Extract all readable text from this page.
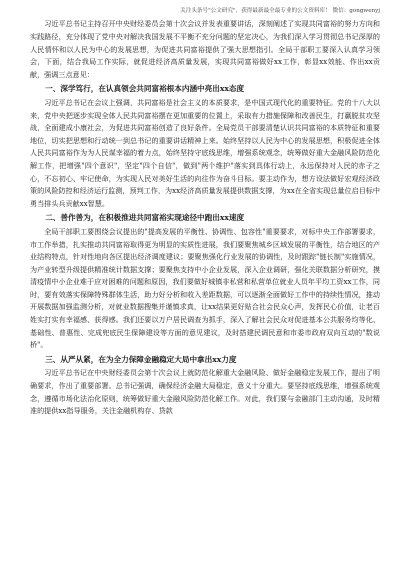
关注头条号"公文研究"，获得最新最全最专业的公文资料库！ 微信：gongwenyj

习近平总书记主持召开中央财经委员会第十次会议并发表重要讲话，深刻阐述了实现共同富裕的努力方向和实践路径，充分体现了党中央对解决我国发展不平衡不充分问题的坚定决心，为我们深入学习贯彻总书记深厚的人民情怀和以人民为中心的发展思想，为促进共同富裕提供了强大思想指引。全局干部职工要深入认真学习领会，下面，结合我局工作实际，就促进经济高质量发展，实现共同富裕做好xx工作，彰显xx效能、作出xx贡献，强调三点意见：

一、深学笃行，在认真领会共同富裕根本内涵中亮出xx态度

习近平总书记在会议上强调，共同富裕是社会主义的本质要求，是中国式现代化的重要特征。党的十八大以来，党中央把逐步实现全体人民共同富裕摆在更加重要的位置上，采取有力措施保障和改善民生，打赢脱贫攻坚战，全面建成小康社会，为促进共同富裕创造了良好条件。全局党员干部要清楚认识共同富裕的本质特征和重要地位，切实把思想和行动统一到总书记的重要讲话精神上来。始终坚持以人民为中心的发展思想，积极促进全体人民共同富裕作为为人民谋幸福的着力点，始终坚持守底线思维，增强系统观念，统筹做好重大金融风险防范化解工作，把增强"四个意识"，坚定"四个自信"，做到"两个维护"落实到具体行动上，永远保持对人民的赤子之心，不忘初心、牢记使命，为实现人民对美好生活的向往作为奋斗目标。要主动作为，想方设法做好宏观经济政策的风险防控和经济运行监测，预判工作，为xx经济高质量发展提供数据支撑，为xx在全省实现总量位启目标中勇当排头兵贡献xx智慧。

二、善作善为，在积极推进共同富裕实现途径中跑出xx速度

全局干部职工要围绕会议提出的"提高发展的平衡性、协调性、包容性"重要要求，对标中央工作部署要求，市工作举措，扎实推动共同富裕取得更为明显的实质性进展，我们要聚焦城乡区域发展的平衡性，结合地区的产业结构特点，针对性地向各区提出经济调度建议；要聚焦强化行业发展的协调性，及时跟踪"链长制"实施情况，为产业转型升级提供精准统计数据支撑；要聚焦支持中小企业发展，深入企业调研，强化关联数据分析研究，摸清疫情中小企业难于应对困难的问题和原因，我们要做好城镇非私营和私营单位就业人员年平均工资xx工作，同时，要有效落实保障特殊群体生活，助力好分析和收入差距数据，可以逐渐全面做好工作中的持续性情况，推动开展数据加强监测分析，对就业数据搜集并谨慎求真，让xx结果更好贴合社会民众心声，发挥民心价值，让老百姓实打实有幸福感、获得感。我们还要以万户居民调查为抓手，深入了解社会民众对促进基本公共服务均等化、基础性、普惠性、完成兜底民生保障建设等方面的意见建议，及时搭建民调民意和市委市政府双向互动的"数说桥"。

三、从严从紧，在为全力保障金融稳定大局中拿出xx力度

习近平总书记在中央财经委员会第十次会议上就防范化解重大金融风险、做好金融稳定发展工作，提出了明确要求，作出了重要部署。总书记强调，确保经济金融大局稳定，意义十分重大。要坚持底线思维，增强系统观念，遵循市场化法治化原则，统筹做好重大金融风险防范化解工作。对此，我们要与金融部门主动沟通，及时精准的提供xx指导服务，关注金融机构存、贷款
